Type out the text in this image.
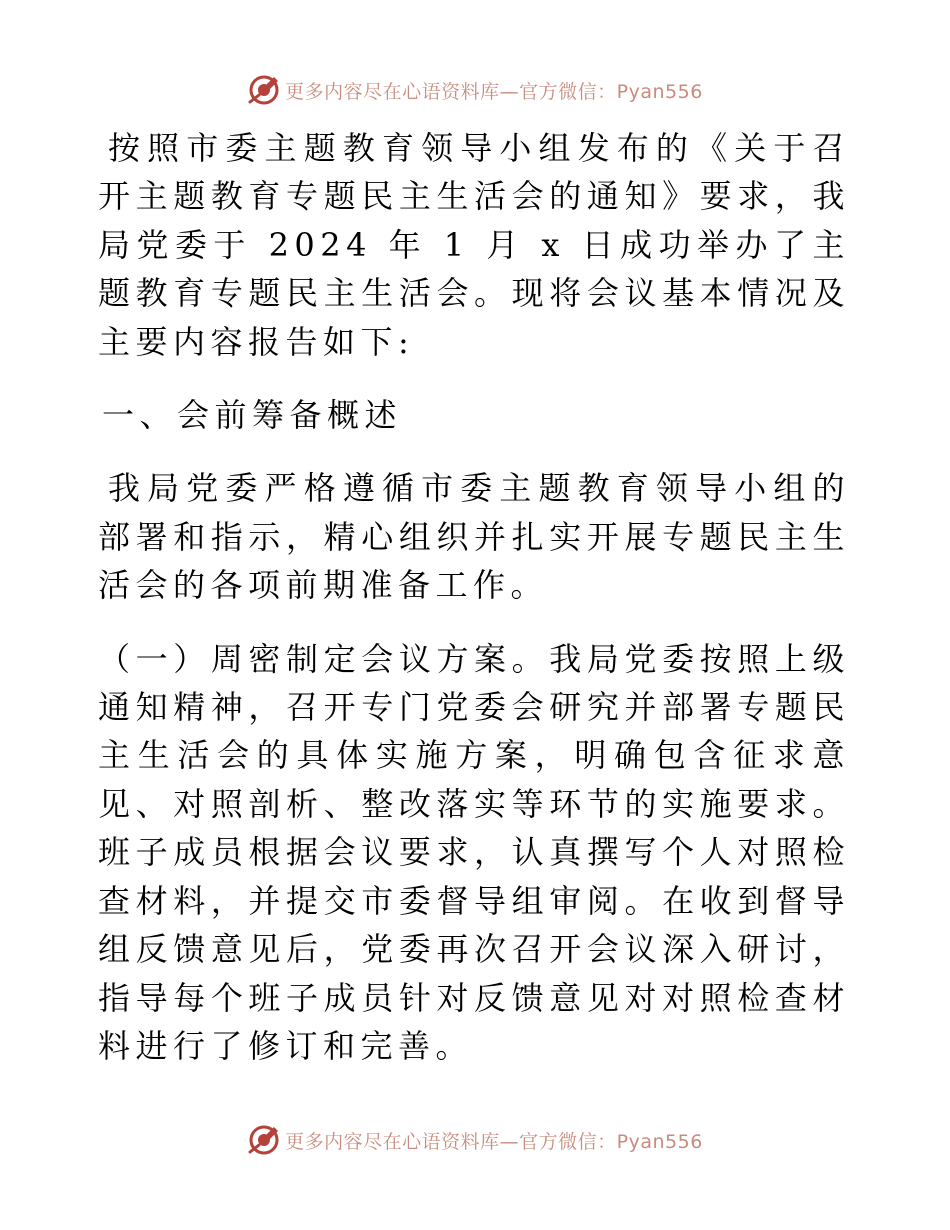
更多内容尽在心语资料库—官方微信：Pyan556

按照市委主题教育领导小组发布的《关于召开主题教育专题民主生活会的通知》要求，我局党委于 2024 年 1 月 x 日成功举办了主题教育专题民主生活会。现将会议基本情况及主要内容报告如下:

一、会前筹备概述

我局党委严格遵循市委主题教育领导小组的部署和指示，精心组织并扎实开展专题民主生活会的各项前期准备工作。

（一）周密制定会议方案。我局党委按照上级通知精神，召开专门党委会研究并部署专题民主生活会的具体实施方案，明确包含征求意见、对照剖析、整改落实等环节的实施要求。班子成员根据会议要求，认真撰写个人对照检查材料，并提交市委督导组审阅。在收到督导组反馈意见后，党委再次召开会议深入研讨，指导每个班子成员针对反馈意见对对照检查材料进行了修订和完善。

更多内容尽在心语资料库—官方微信：Pyan556
